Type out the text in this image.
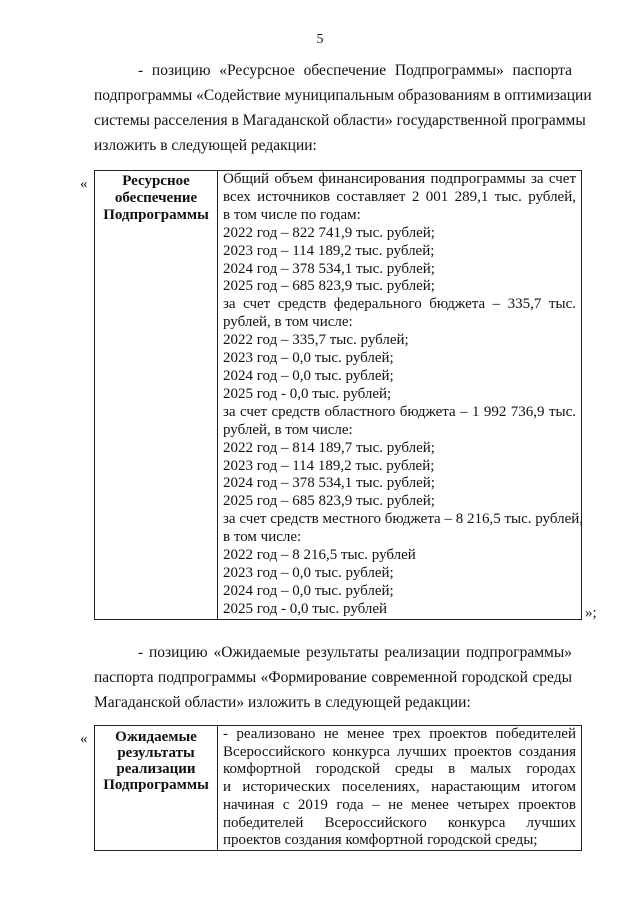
5
- позицию «Ресурсное обеспечение Подпрограммы» паспорта
подпрограммы «Содействие муниципальным образованиям в оптимизации
системы расселения в Магаданской области» государственной программы
изложить в следующей редакции:
«	Ресурсное
обеспечение
Подпрограммы

Общий объем финансирования подпрограммы за счет
всех источников составляет 2 001 289,1 тыс. рублей,
в том числе по годам:
2022 год – 822 741,9 тыс. рублей;
2023 год – 114 189,2 тыс. рублей;
2024 год – 378 534,1 тыс. рублей;
2025 год – 685 823,9 тыс. рублей;
за счет средств федерального бюджета – 335,7 тыс.
рублей, в том числе:
2022 год – 335,7 тыс. рублей;
2023 год – 0,0 тыс. рублей;
2024 год – 0,0 тыс. рублей;
2025 год - 0,0 тыс. рублей;
за счет средств областного бюджета – 1 992 736,9 тыс.
рублей, в том числе:
2022 год – 814 189,7 тыс. рублей;
2023 год – 114 189,2 тыс. рублей;
2024 год – 378 534,1 тыс. рублей;
2025 год – 685 823,9 тыс. рублей;
за счет средств местного бюджета – 8 216,5 тыс. рублей,
в том числе:
2022 год – 8 216,5 тыс. рублей
2023 год – 0,0 тыс. рублей;
2024 год – 0,0 тыс. рублей;
2025 год - 0,0 тыс. рублей	»;
- позицию «Ожидаемые результаты реализации подпрограммы»
паспорта подпрограммы «Формирование современной городской среды
Магаданской области» изложить в следующей редакции:
«	Ожидаемые
результаты
реализации
Подпрограммы

- реализовано не менее трех проектов победителей
Всероссийского конкурса лучших проектов создания
комфортной городской среды в малых городах
и исторических поселениях, нарастающим итогом
начиная с 2019 года – не менее четырех проектов
победителей Всероссийского конкурса лучших
проектов создания комфортной городской среды;
